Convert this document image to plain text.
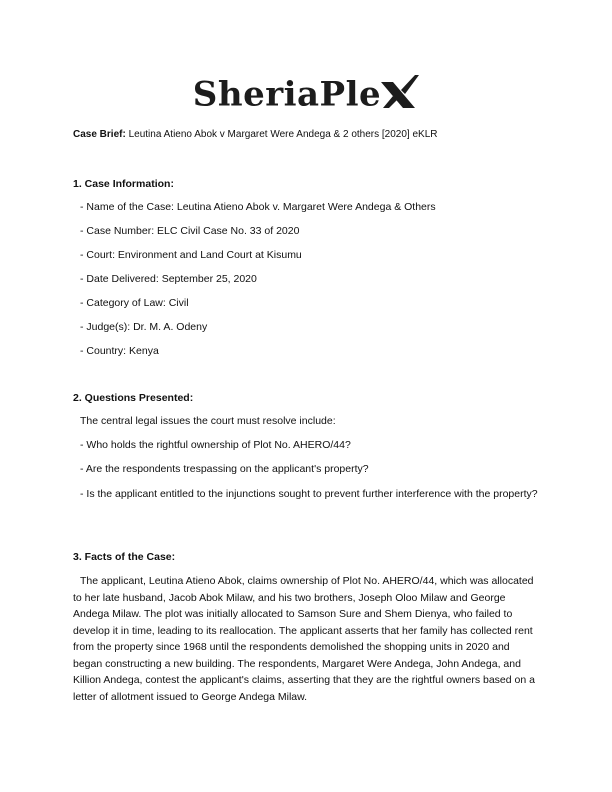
SheriaPle
Case Brief: Leutina Atieno Abok v Margaret Were Andega & 2 others [2020] eKLR
1. Case Information:
- Name of the Case: Leutina Atieno Abok v. Margaret Were Andega & Others
- Case Number: ELC Civil Case No. 33 of 2020
- Court: Environment and Land Court at Kisumu
- Date Delivered: September 25, 2020
- Category of Law: Civil
- Judge(s): Dr. M. A. Odeny
- Country: Kenya
2. Questions Presented:
The central legal issues the court must resolve include:
- Who holds the rightful ownership of Plot No. AHERO/44?
- Are the respondents trespassing on the applicant's property?
- Is the applicant entitled to the injunctions sought to prevent further interference with the property?
3. Facts of the Case:
The applicant, Leutina Atieno Abok, claims ownership of Plot No. AHERO/44, which was allocated to her late husband, Jacob Abok Milaw, and his two brothers, Joseph Oloo Milaw and George Andega Milaw. The plot was initially allocated to Samson Sure and Shem Dienya, who failed to develop it in time, leading to its reallocation. The applicant asserts that her family has collected rent from the property since 1968 until the respondents demolished the shopping units in 2020 and began constructing a new building. The respondents, Margaret Were Andega, John Andega, and Killion Andega, contest the applicant's claims, asserting that they are the rightful owners based on a letter of allotment issued to George Andega Milaw.
